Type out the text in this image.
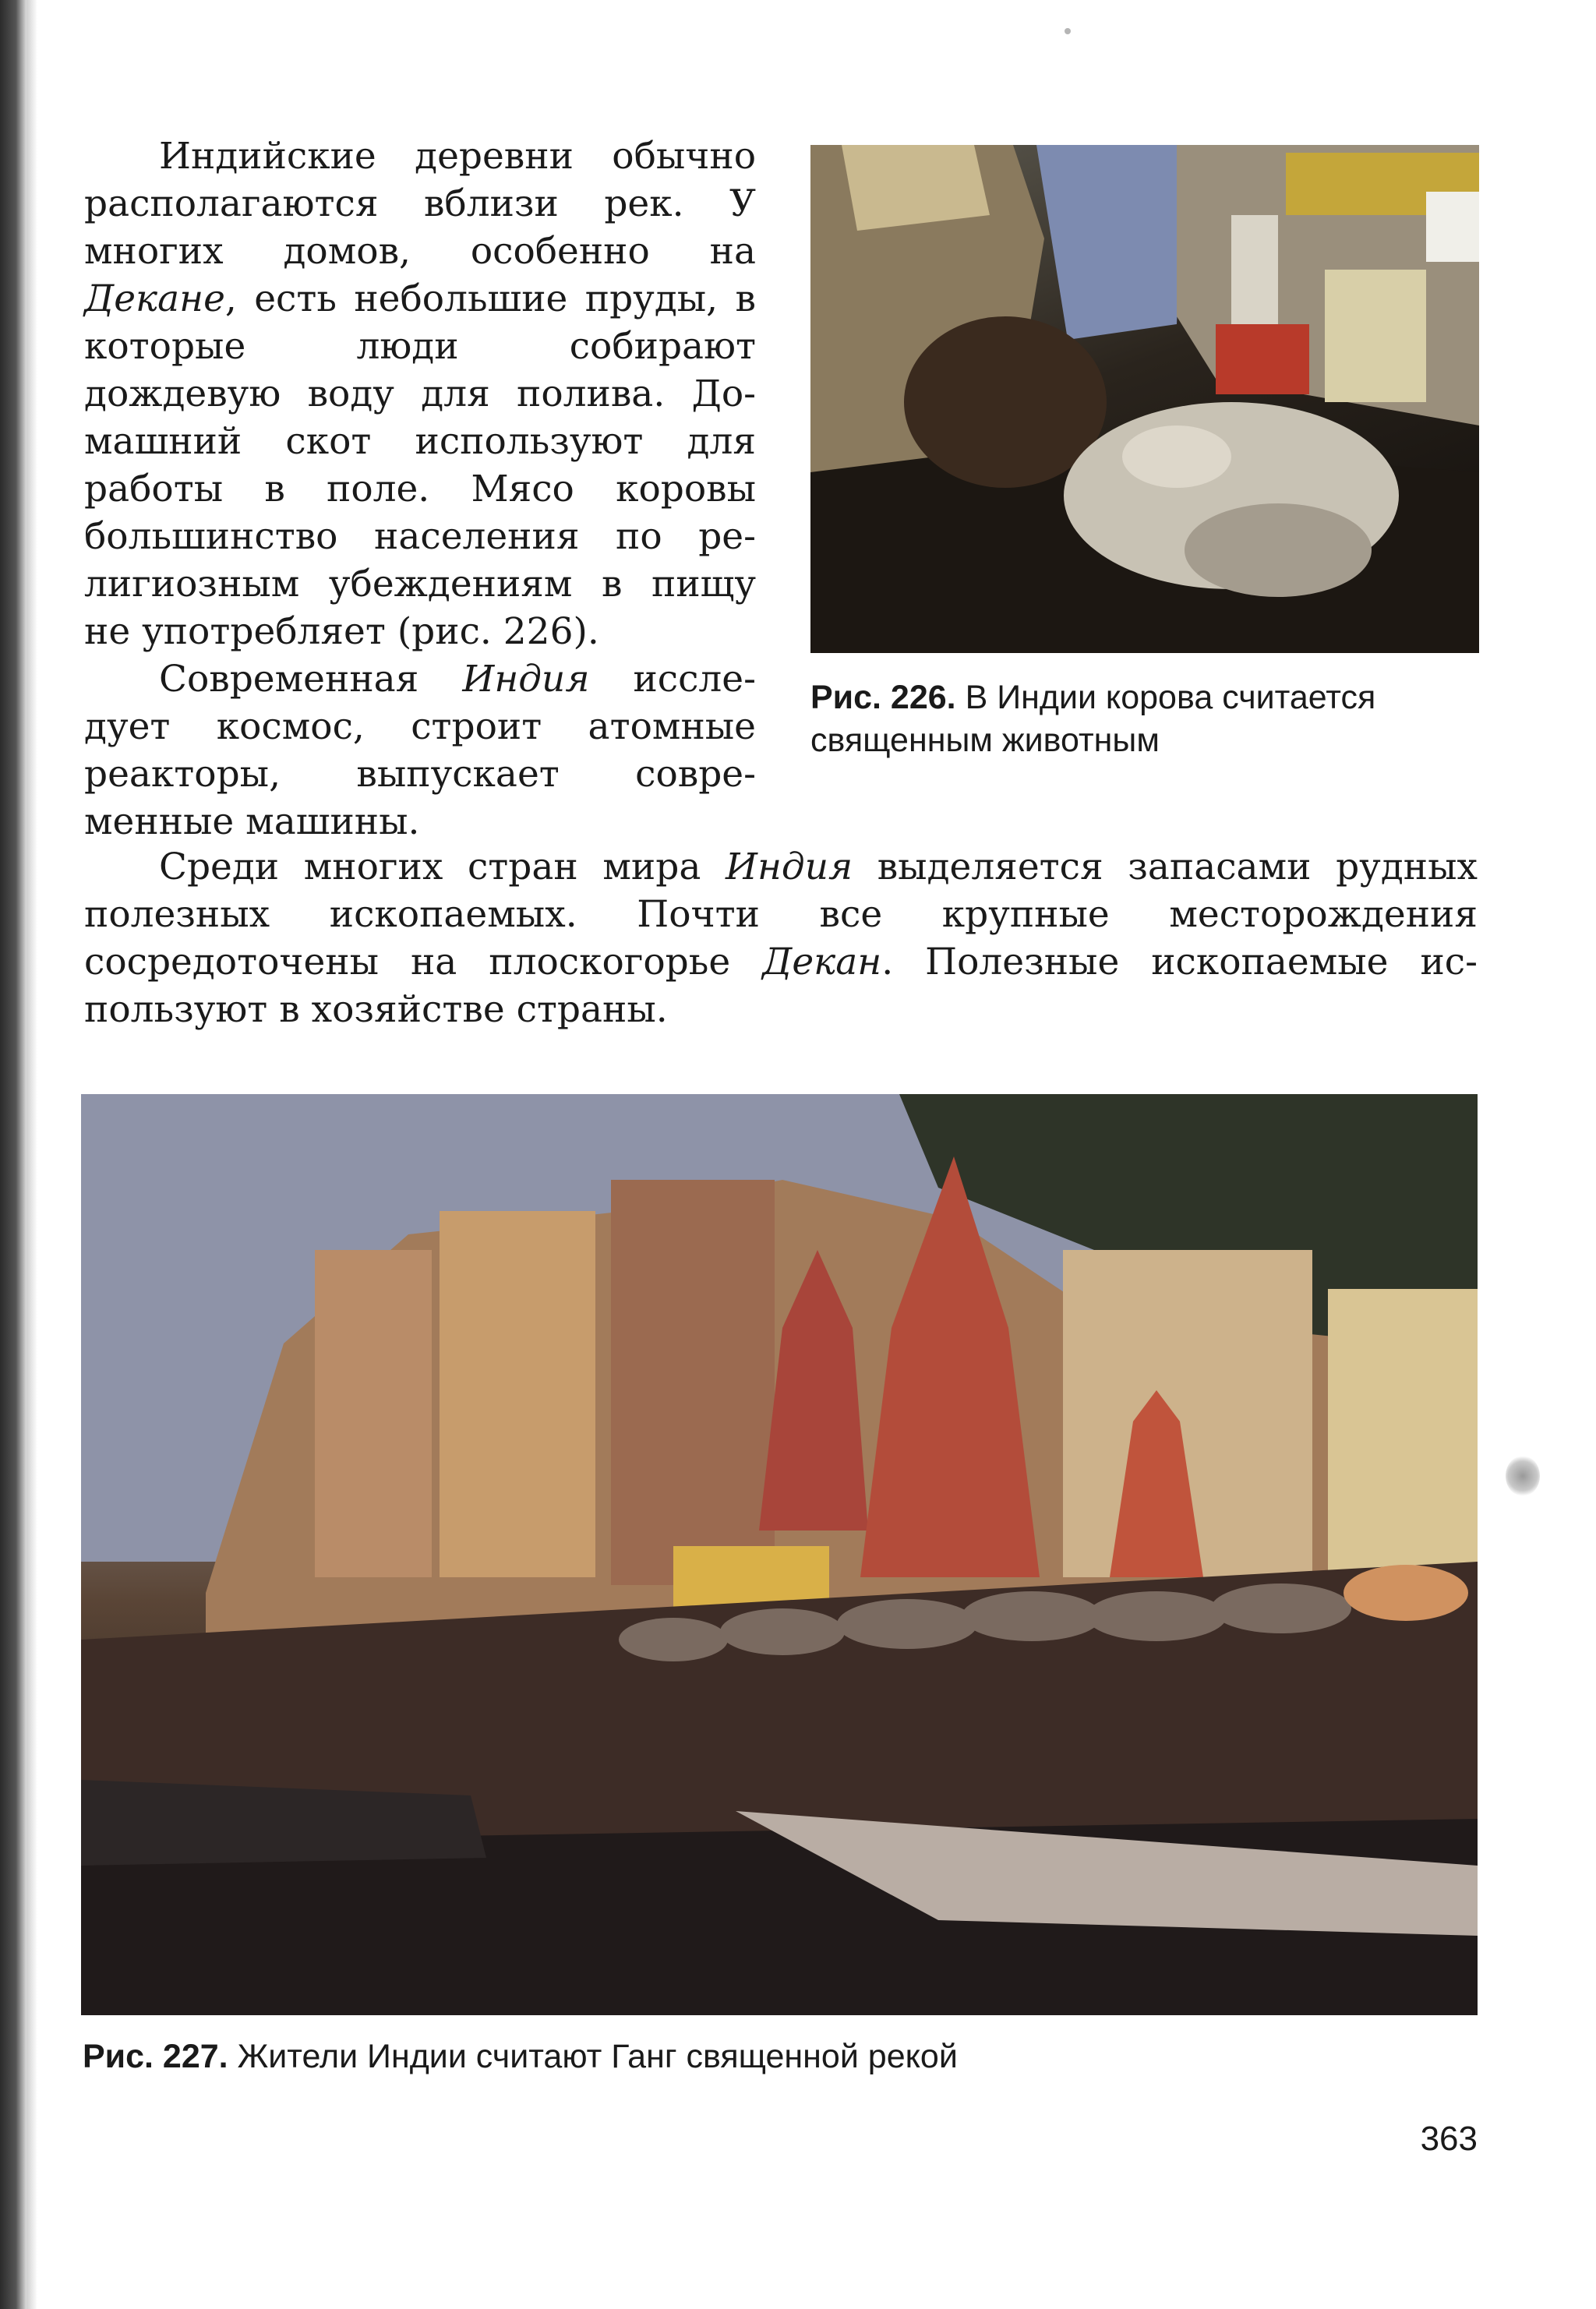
Индийские деревни обычно располагаются вблизи рек. У многих домов, особенно на Декане, есть небольшие пруды, в которые люди собирают дождевую воду для полива. Домашний скот используют для работы в поле. Мясо коровы большинство населения по религиозным убеждениям в пищу не употребляет (рис. 226).

Современная Индия исследует космос, строит атомные реакторы, выпускает современные машины.

Рис. 226. В Индии корова считается священным животным

Среди многих стран мира Индия выделяется запасами рудных полезных ископаемых. Почти все крупные месторождения сосредоточены на плоскогорье Декан. Полезные ископаемые используют в хозяйстве страны.

Рис. 227. Жители Индии считают Ганг священной рекой
363
